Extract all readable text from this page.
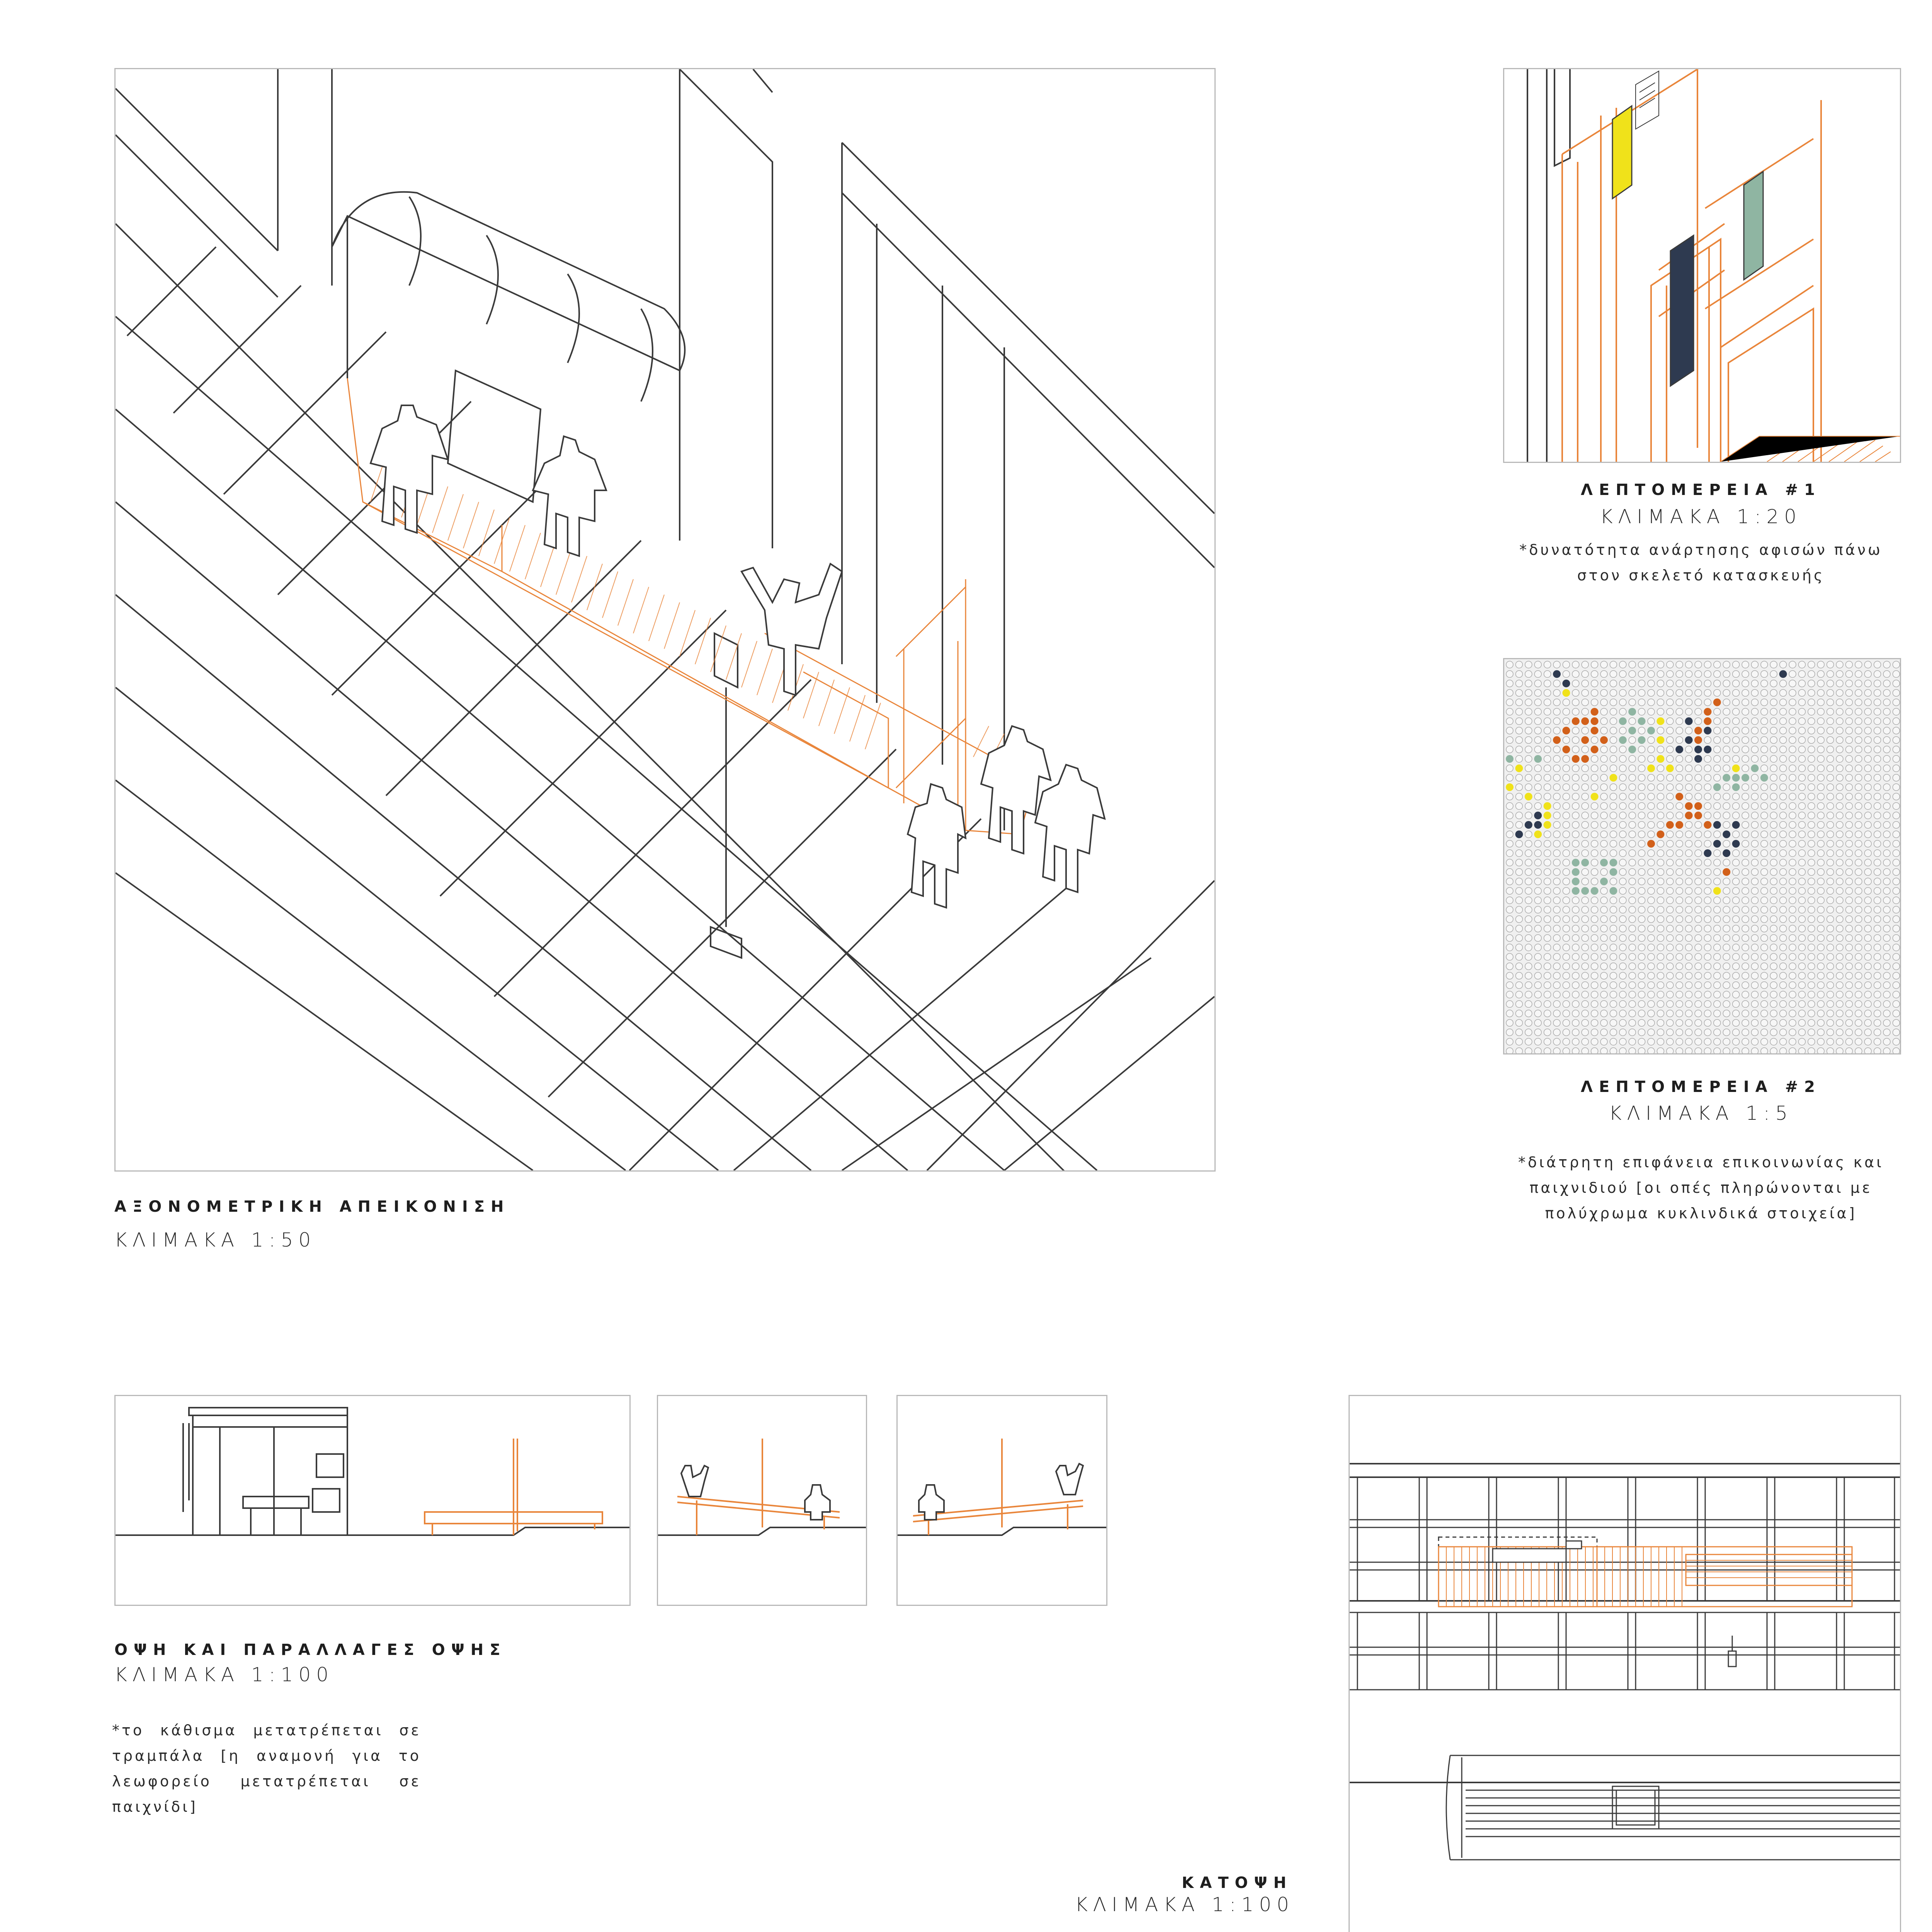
ΑΞΟΝΟΜΕΤΡΙΚΗ ΑΠΕΙΚΟΝΙΣΗ
ΚΛΙΜΑΚΑ 1:50
ΛΕΠΤΟΜΕΡΕΙΑ #1
ΚΛΙΜΑΚΑ 1:20
*δυνατότητα ανάρτησης αφισών πάνω στον σκελετό κατασκευής
ΛΕΠΤΟΜΕΡΕΙΑ #2
ΚΛΙΜΑΚΑ 1:5
*διάτρητη επιφάνεια επικοινωνίας και παιχνιδιού [οι οπές πληρώνονται με πολύχρωμα κυκλινδικά στοιχεία]
ΟΨΗ ΚΑΙ ΠΑΡΑΛΛΑΓΕΣ ΟΨΗΣ
ΚΛΙΜΑΚΑ 1:100
*το κάθισμα μετατρέπεται σε τραμπάλα [η αναμονή για το λεωφορείο μετατρέπεται σε παιχνίδι]
ΚΑΤΟΨΗ
ΚΛΙΜΑΚΑ 1:100
